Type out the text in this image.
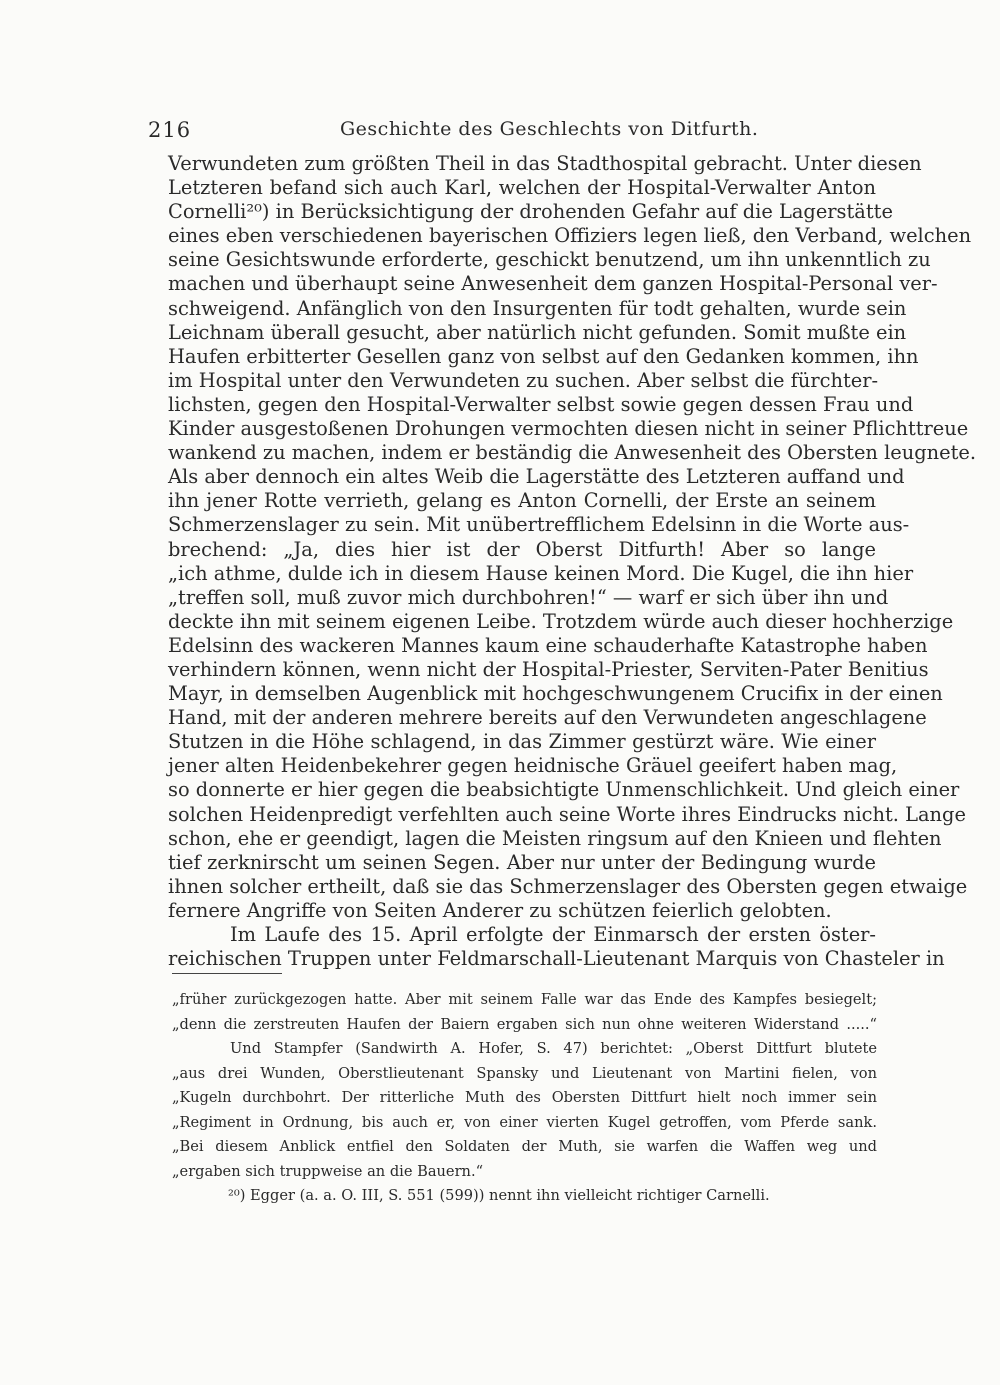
216	Geschichte des Geschlechts von Ditfurth.
Verwundeten zum größten Theil in das Stadthospital gebracht. Unter diesen
Letzteren befand sich auch Karl, welchen der Hospital-Verwalter Anton
Cornelli²⁰) in Berücksichtigung der drohenden Gefahr auf die Lagerstätte
eines eben verschiedenen bayerischen Offiziers legen ließ, den Verband, welchen
seine Gesichtswunde erforderte, geschickt benutzend, um ihn unkenntlich zu
machen und überhaupt seine Anwesenheit dem ganzen Hospital-Personal ver-
schweigend. Anfänglich von den Insurgenten für todt gehalten, wurde sein
Leichnam überall gesucht, aber natürlich nicht gefunden. Somit mußte ein
Haufen erbitterter Gesellen ganz von selbst auf den Gedanken kommen, ihn
im Hospital unter den Verwundeten zu suchen. Aber selbst die fürchter-
lichsten, gegen den Hospital-Verwalter selbst sowie gegen dessen Frau und
Kinder ausgestoßenen Drohungen vermochten diesen nicht in seiner Pflichttreue
wankend zu machen, indem er beständig die Anwesenheit des Obersten leugnete.
Als aber dennoch ein altes Weib die Lagerstätte des Letzteren auffand und
ihn jener Rotte verrieth, gelang es Anton Cornelli, der Erste an seinem
Schmerzenslager zu sein. Mit unübertrefflichem Edelsinn in die Worte aus-
brechend: „Ja, dies hier ist der Oberst Ditfurth! Aber so lange
„ich athme, dulde ich in diesem Hause keinen Mord. Die Kugel, die ihn hier
„treffen soll, muß zuvor mich durchbohren!“ — warf er sich über ihn und
deckte ihn mit seinem eigenen Leibe. Trotzdem würde auch dieser hochherzige
Edelsinn des wackeren Mannes kaum eine schauderhafte Katastrophe haben
verhindern können, wenn nicht der Hospital-Priester, Serviten-Pater Benitius
Mayr, in demselben Augenblick mit hochgeschwungenem Crucifix in der einen
Hand, mit der anderen mehrere bereits auf den Verwundeten angeschlagene
Stutzen in die Höhe schlagend, in das Zimmer gestürzt wäre. Wie einer
jener alten Heidenbekehrer gegen heidnische Gräuel geeifert haben mag,
so donnerte er hier gegen die beabsichtigte Unmenschlichkeit. Und gleich einer
solchen Heidenpredigt verfehlten auch seine Worte ihres Eindrucks nicht. Lange
schon, ehe er geendigt, lagen die Meisten ringsum auf den Knieen und flehten
tief zerknirscht um seinen Segen. Aber nur unter der Bedingung wurde
ihnen solcher ertheilt, daß sie das Schmerzenslager des Obersten gegen etwaige
fernere Angriffe von Seiten Anderer zu schützen feierlich gelobten.
Im Laufe des 15. April erfolgte der Einmarsch der ersten öster-
reichischen Truppen unter Feldmarschall-Lieutenant Marquis von Chasteler in
„früher zurückgezogen hatte. Aber mit seinem Falle war das Ende des Kampfes besiegelt;
„denn die zerstreuten Haufen der Baiern ergaben sich nun ohne weiteren Widerstand .....“
Und Stampfer (Sandwirth A. Hofer, S. 47) berichtet: „Oberst Dittfurt blutete
„aus drei Wunden, Oberstlieutenant Spansky und Lieutenant von Martini fielen, von
„Kugeln durchbohrt. Der ritterliche Muth des Obersten Dittfurt hielt noch immer sein
„Regiment in Ordnung, bis auch er, von einer vierten Kugel getroffen, vom Pferde sank.
„Bei diesem Anblick entfiel den Soldaten der Muth, sie warfen die Waffen weg und
„ergaben sich truppweise an die Bauern.“
²⁰) Egger (a. a. O. III, S. 551 (599)) nennt ihn vielleicht richtiger Carnelli.
